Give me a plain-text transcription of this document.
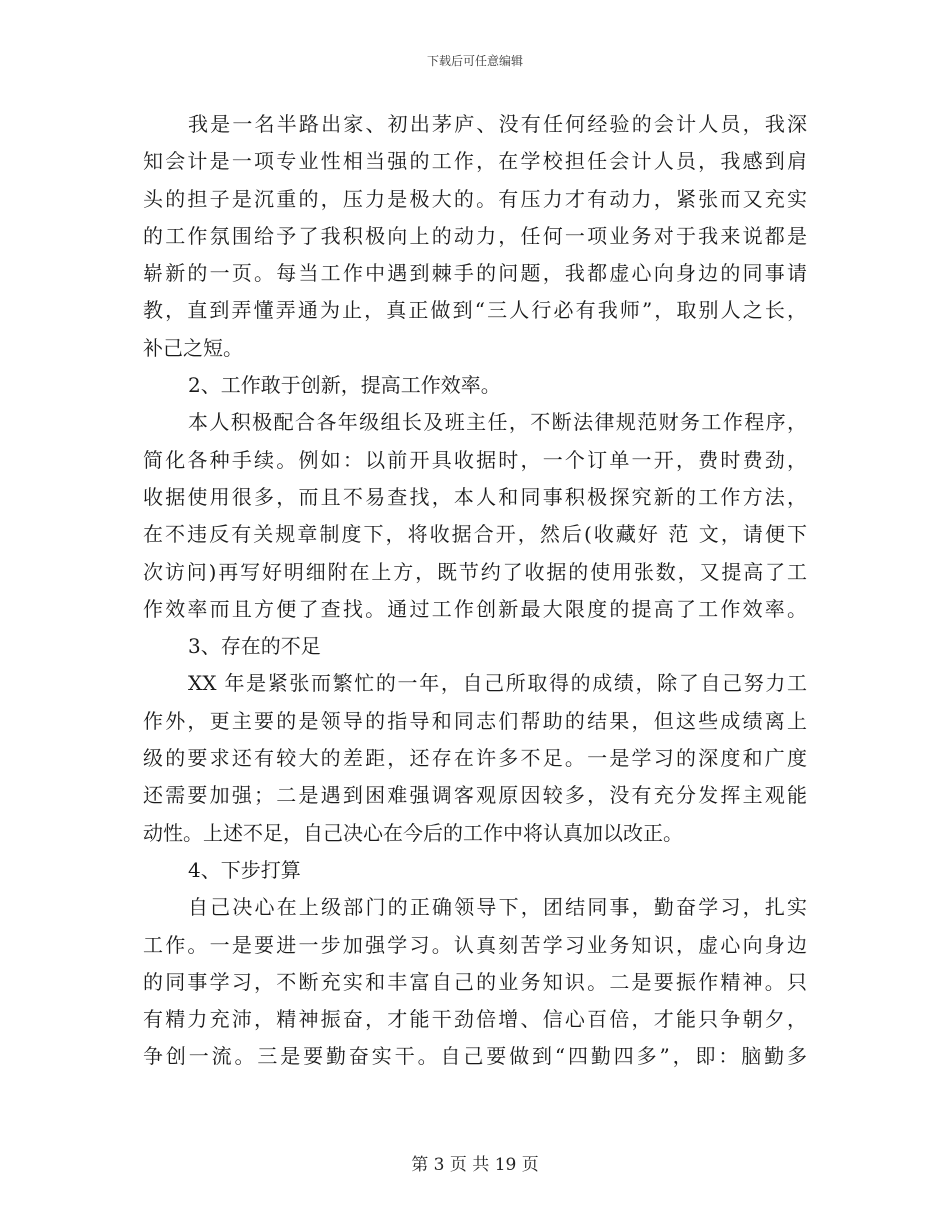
下载后可任意编辑
我是一名半路出家、初出茅庐、没有任何经验的会计人员，我深
知会计是一项专业性相当强的工作，在学校担任会计人员，我感到肩
头的担子是沉重的，压力是极大的。有压力才有动力，紧张而又充实
的工作氛围给予了我积极向上的动力，任何一项业务对于我来说都是
崭新的一页。每当工作中遇到棘手的问题，我都虚心向身边的同事请
教，直到弄懂弄通为止，真正做到“三人行必有我师”，取别人之长，
补己之短。
2、工作敢于创新，提高工作效率。
本人积极配合各年级组长及班主任，不断法律规范财务工作程序，
简化各种手续。例如：以前开具收据时，一个订单一开，费时费劲，
收据使用很多，而且不易查找，本人和同事积极探究新的工作方法，
在不违反有关规章制度下，将收据合开，然后(收藏好 范 文，请便下
次访问)再写好明细附在上方，既节约了收据的使用张数，又提高了工
作效率而且方便了查找。通过工作创新最大限度的提高了工作效率。
3、存在的不足
XX 年是紧张而繁忙的一年，自己所取得的成绩，除了自己努力工
作外，更主要的是领导的指导和同志们帮助的结果，但这些成绩离上
级的要求还有较大的差距，还存在许多不足。一是学习的深度和广度
还需要加强；二是遇到困难强调客观原因较多，没有充分发挥主观能
动性。上述不足，自己决心在今后的工作中将认真加以改正。
4、下步打算
自己决心在上级部门的正确领导下，团结同事，勤奋学习，扎实
工作。一是要进一步加强学习。认真刻苦学习业务知识，虚心向身边
的同事学习，不断充实和丰富自己的业务知识。二是要振作精神。只
有精力充沛，精神振奋，才能干劲倍增、信心百倍，才能只争朝夕，
争创一流。三是要勤奋实干。自己要做到“四勤四多”，即：脑勤多
第 3 页 共 19 页
